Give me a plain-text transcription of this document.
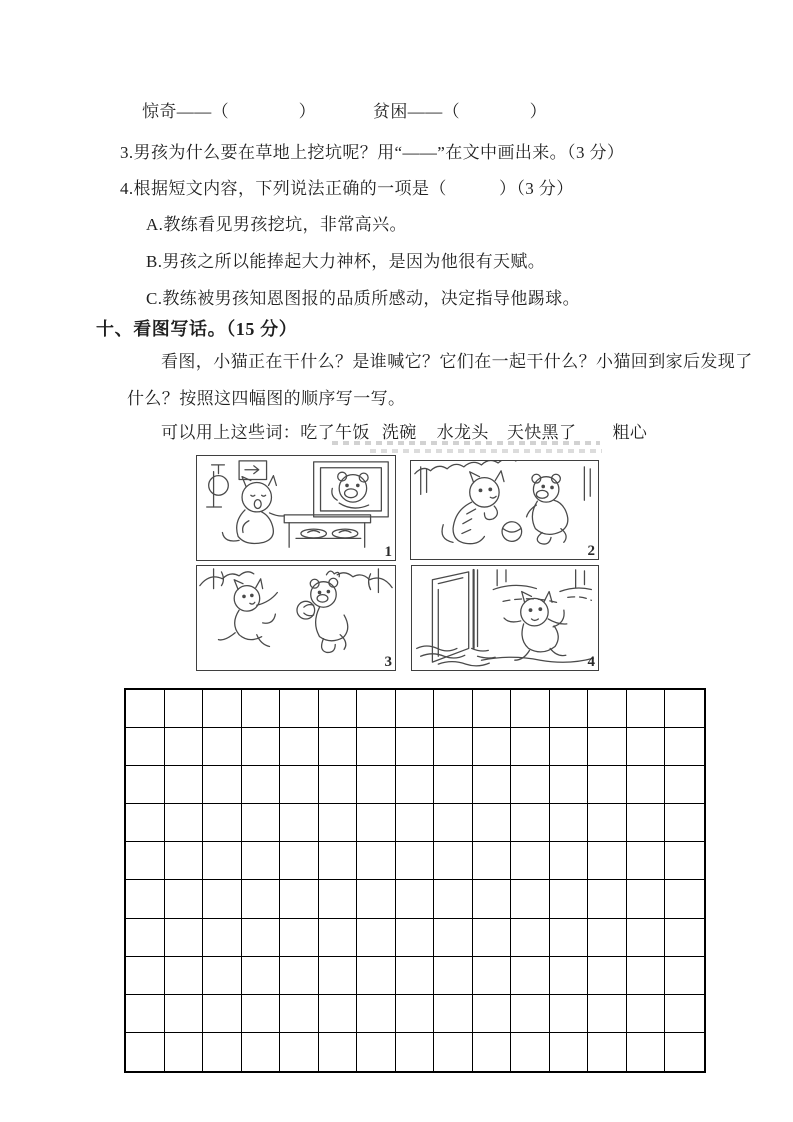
惊奇——（　　　　）	贫困——（　　　　）
3.男孩为什么要在草地上挖坑呢？用“——”在文中画出来。（3 分）
4.根据短文内容，下列说法正确的一项是（　　　）（3 分）
A.教练看见男孩挖坑，非常高兴。
B.男孩之所以能捧起大力神杯，是因为他很有天赋。
C.教练被男孩知恩图报的品质所感动，决定指导他踢球。
十、看图写话。（15 分）
看图，小猫正在干什么？是谁喊它？它们在一起干什么？小猫回到家后发现了
什么？按照这四幅图的顺序写一写。
可以用上这些词：吃了午饭 洗碗 水龙头 天快黑了 粗心
1	2
3	4
